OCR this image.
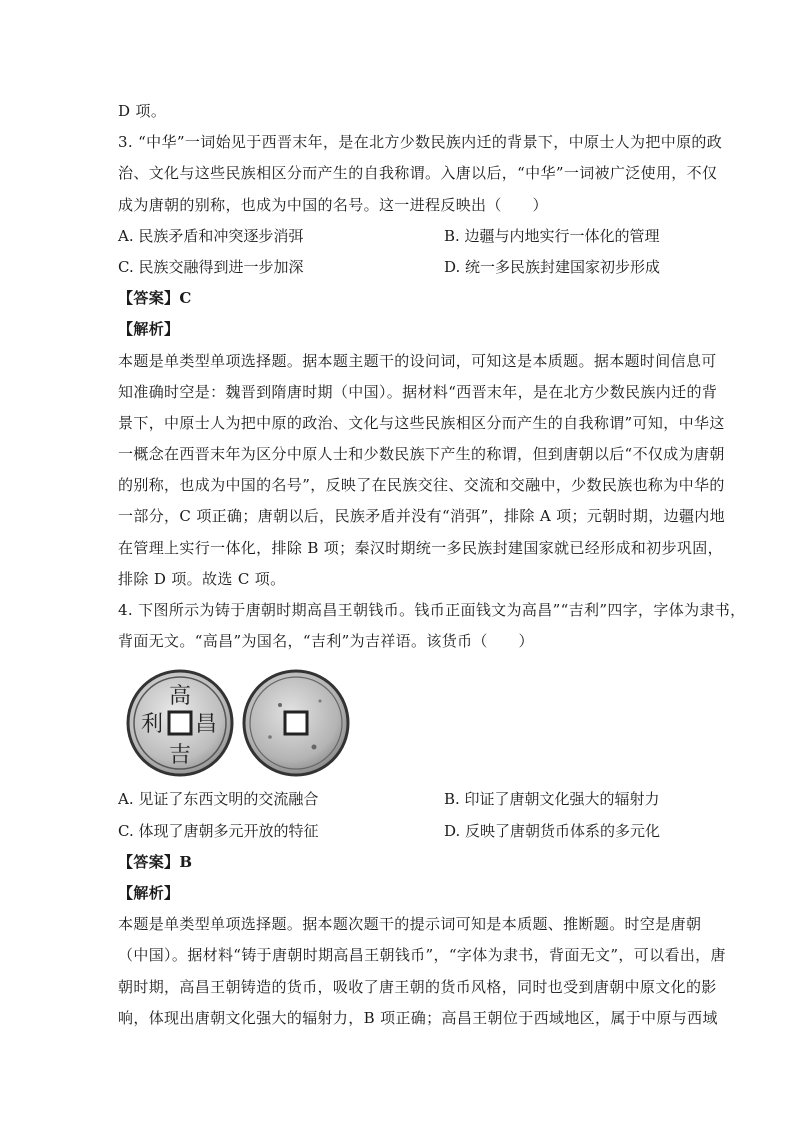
D 项。
3. “中华”一词始见于西晋末年，是在北方少数民族内迁的背景下，中原士人为把中原的政
治、文化与这些民族相区分而产生的自我称谓。入唐以后，“中华”一词被广泛使用，不仅
成为唐朝的别称，也成为中国的名号。这一进程反映出（　　）
A. 民族矛盾和冲突逐步消弭	B. 边疆与内地实行一体化的管理
C. 民族交融得到进一步加深	D. 统一多民族封建国家初步形成
【答案】C
【解析】
本题是单类型单项选择题。据本题主题干的设问词，可知这是本质题。据本题时间信息可
知准确时空是：魏晋到隋唐时期（中国）。据材料“西晋末年，是在北方少数民族内迁的背
景下，中原士人为把中原的政治、文化与这些民族相区分而产生的自我称谓”可知，中华这
一概念在西晋末年为区分中原人士和少数民族下产生的称谓，但到唐朝以后“不仅成为唐朝
的别称，也成为中国的名号”，反映了在民族交往、交流和交融中，少数民族也称为中华的
一部分，C 项正确；唐朝以后，民族矛盾并没有“消弭”，排除 A 项；元朝时期，边疆内地
在管理上实行一体化，排除 B 项；秦汉时期统一多民族封建国家就已经形成和初步巩固，
排除 D 项。故选 C 项。
4. 下图所示为铸于唐朝时期高昌王朝钱币。钱币正面钱文为高昌”“吉利”四字，字体为隶书，
背面无文。“高昌”为国名，“吉利”为吉祥语。该货币（　　）
高
吉
昌
利
A. 见证了东西文明的交流融合	B. 印证了唐朝文化强大的辐射力
C. 体现了唐朝多元开放的特征	D. 反映了唐朝货币体系的多元化
【答案】B
【解析】
本题是单类型单项选择题。据本题次题干的提示词可知是本质题、推断题。时空是唐朝
（中国）。据材料“铸于唐朝时期高昌王朝钱币”，“字体为隶书，背面无文”，可以看出，唐
朝时期，高昌王朝铸造的货币，吸收了唐王朝的货币风格，同时也受到唐朝中原文化的影
响，体现出唐朝文化强大的辐射力，B 项正确；高昌王朝位于西域地区，属于中原与西域
